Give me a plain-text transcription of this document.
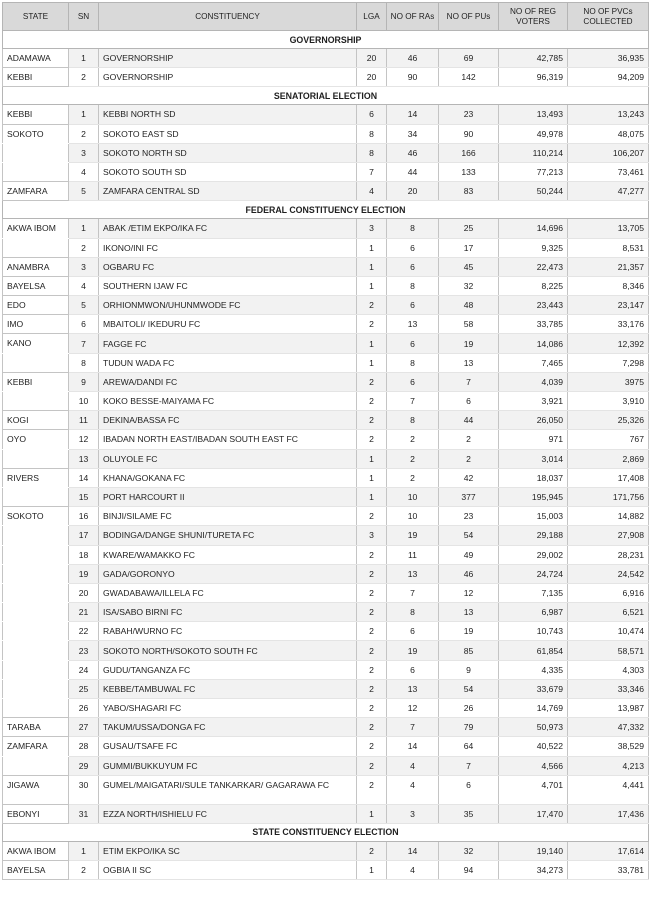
STATE	SN	CONSTITUENCY	LGA	NO OF RAs	NO OF PUs	NO OF REG VOTERS	NO OF PVCs COLLECTED
GOVERNORSHIP							
ADAMAWA	1	GOVERNORSHIP	20	46	69	42,785	36,935
KEBBI	2	GOVERNORSHIP	20	90	142	96,319	94,209
SENATORIAL ELECTION							
KEBBI	1	KEBBI NORTH SD	6	14	23	13,493	13,243
SOKOTO	2	SOKOTO EAST SD	8	34	90	49,978	48,075
	3	SOKOTO NORTH SD	8	46	166	110,214	106,207
	4	SOKOTO SOUTH SD	7	44	133	77,213	73,461
ZAMFARA	5	ZAMFARA CENTRAL SD	4	20	83	50,244	47,277
FEDERAL CONSTITUENCY ELECTION							
AKWA IBOM	1	ABAK /ETIM EKPO/IKA FC	3	8	25	14,696	13,705
	2	IKONO/INI FC	1	6	17	9,325	8,531
ANAMBRA	3	OGBARU FC	1	6	45	22,473	21,357
BAYELSA	4	SOUTHERN IJAW FC	1	8	32	8,225	8,346
EDO	5	ORHIONMWON/UHUNMWODE FC	2	6	48	23,443	23,147
IMO	6	MBAITOLI/ IKEDURU FC	2	13	58	33,785	33,176
KANO	7	FAGGE FC	1	6	19	14,086	12,392
	8	TUDUN WADA FC	1	8	13	7,465	7,298
KEBBI	9	AREWA/DANDI FC	2	6	7	4,039	3975
	10	KOKO BESSE-MAIYAMA FC	2	7	6	3,921	3,910
KOGI	11	DEKINA/BASSA FC	2	8	44	26,050	25,326
OYO	12	IBADAN NORTH EAST/IBADAN SOUTH EAST FC	2	2	2	971	767
	13	OLUYOLE FC	1	2	2	3,014	2,869
RIVERS	14	KHANA/GOKANA FC	1	2	42	18,037	17,408
	15	PORT HARCOURT II	1	10	377	195,945	171,756
SOKOTO	16	BINJI/SILAME FC	2	10	23	15,003	14,882
	17	BODINGA/DANGE SHUNI/TURETA FC	3	19	54	29,188	27,908
	18	KWARE/WAMAKKO FC	2	11	49	29,002	28,231
	19	GADA/GORONYO	2	13	46	24,724	24,542
	20	GWADABAWA/ILLELA FC	2	7	12	7,135	6,916
	21	ISA/SABO BIRNI FC	2	8	13	6,987	6,521
	22	RABAH/WURNO FC	2	6	19	10,743	10,474
	23	SOKOTO NORTH/SOKOTO SOUTH FC	2	19	85	61,854	58,571
	24	GUDU/TANGANZA FC	2	6	9	4,335	4,303
	25	KEBBE/TAMBUWAL FC	2	13	54	33,679	33,346
	26	YABO/SHAGARI FC	2	12	26	14,769	13,987
TARABA	27	TAKUM/USSA/DONGA FC	2	7	79	50,973	47,332
ZAMFARA	28	GUSAU/TSAFE FC	2	14	64	40,522	38,529
	29	GUMMI/BUKKUYUM FC	2	4	7	4,566	4,213
JIGAWA	30	GUMEL/MAIGATARI/SULE TANKARKAR/ GAGARAWA FC	2	4	6	4,701	4,441
EBONYI	31	EZZA NORTH/ISHIELU FC	1	3	35	17,470	17,436
STATE CONSTITUENCY ELECTION							
AKWA IBOM	1	ETIM EKPO/IKA SC	2	14	32	19,140	17,614
BAYELSA	2	OGBIA II SC	1	4	94	34,273	33,781
